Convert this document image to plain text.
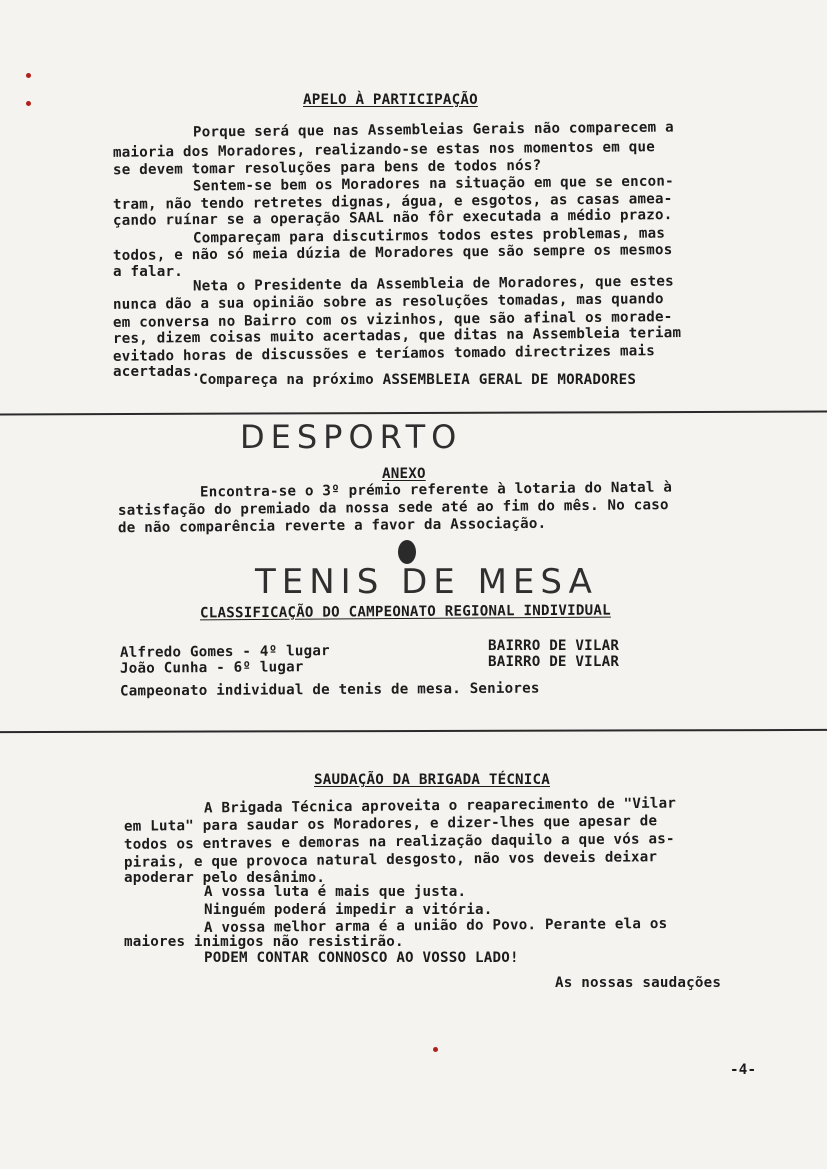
APELO À PARTICIPAÇÃO
Porque será que nas Assembleias Gerais não comparecem a
maioria dos Moradores, realizando-se estas nos momentos em que
se devem tomar resoluções para bens de todos nós?
Sentem-se bem os Moradores na situação em que se encon-
tram, não tendo retretes dignas, água, e esgotos, as casas amea-
çando ruínar se a operação SAAL não fôr executada a médio prazo.
Compareçam para discutirmos todos estes problemas, mas
todos, e não só meia dúzia de Moradores que são sempre os mesmos
a falar.
Neta o Presidente da Assembleia de Moradores, que estes
nunca dão a sua opinião sobre as resoluções tomadas, mas quando
em conversa no Bairro com os vizinhos, que são afinal os morade-
res, dizem coisas muito acertadas, que ditas na Assembleia teriam
evitado horas de discussões e teríamos tomado directrizes mais
acertadas.
Compareça na próximo ASSEMBLEIA GERAL DE MORADORES
DESPORTO
ANEXO
Encontra-se o 3º prémio referente à lotaria do Natal à
satisfação do premiado da nossa sede até ao fim do mês. No caso
de não comparência reverte a favor da Associação.
TENIS DE MESA
CLASSIFICAÇÃO DO CAMPEONATO REGIONAL INDIVIDUAL
Alfredo Gomes - 4º lugar	BAIRRO DE VILAR
João Cunha - 6º lugar	BAIRRO DE VILAR
Campeonato individual de tenis de mesa. Seniores
SAUDAÇÃO DA BRIGADA TÉCNICA
A Brigada Técnica aproveita o reaparecimento de "Vilar
em Luta" para saudar os Moradores, e dizer-lhes que apesar de
todos os entraves e demoras na realização daquilo a que vós as-
pirais, e que provoca natural desgosto, não vos deveis deixar
apoderar pelo desânimo.
A vossa luta é mais que justa.
Ninguém poderá impedir a vitória.
A vossa melhor arma é a união do Povo. Perante ela os
maiores inimigos não resistirão.
PODEM CONTAR CONNOSCO AO VOSSO LADO!
As nossas saudações
-4-
